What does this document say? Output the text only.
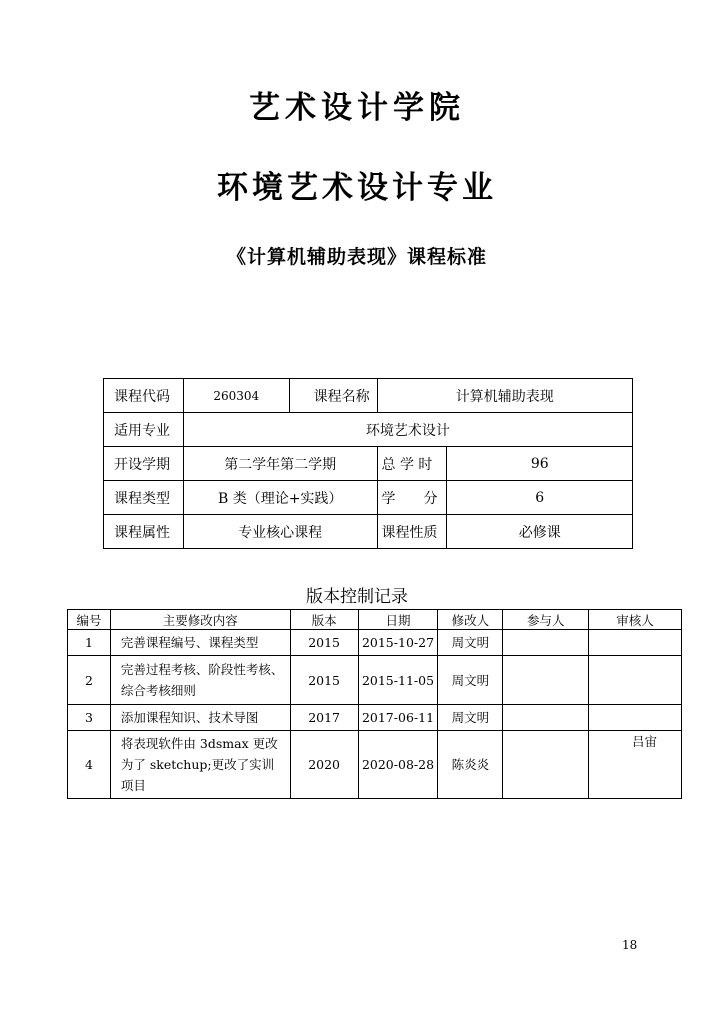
艺术设计学院
环境艺术设计专业
《计算机辅助表现》课程标准
课程代码	260304	课程名称	计算机辅助表现	
适用专业	环境艺术设计			
开设学期	第二学年第二学期		总 学 时	96
课程类型	B 类（理论+实践）		学　　分	6
课程属性	专业核心课程		课程性质	必修课
版本控制记录
编号	主要修改内容	版本	日期	修改人	参与人	审核人
1	完善课程编号、课程类型	2015	2015-10-27	周文明		
2	完善过程考核、阶段性考核、综合考核细则	2015	2015-11-05	周文明		
3	添加课程知识、技术导图	2017	2017-06-11	周文明		
4	将表现软件由 3dsmax 更改为了 sketchup;更改了实训项目	2020	2020-08-28	陈炎炎		吕宙
18
